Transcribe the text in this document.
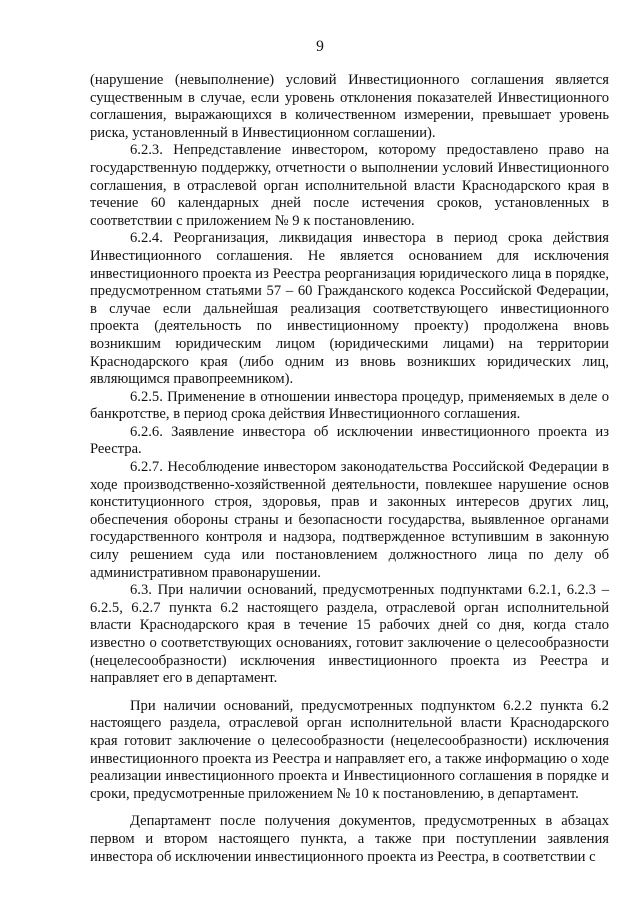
9

(нарушение (невыполнение) условий Инвестиционного соглашения является существенным в случае, если уровень отклонения показателей Инвестиционного соглашения, выражающихся в количественном измерении, превышает уровень риска, установленный в Инвестиционном соглашении).

6.2.3. Непредставление инвестором, которому предоставлено право на государственную поддержку, отчетности о выполнении условий Инвестиционного соглашения, в отраслевой орган исполнительной власти Краснодарского края в течение 60 календарных дней после истечения сроков, установленных в соответствии с приложением № 9 к постановлению.

6.2.4. Реорганизация, ликвидация инвестора в период срока действия Инвестиционного соглашения. Не является основанием для исключения инвестиционного проекта из Реестра реорганизация юридического лица в порядке, предусмотренном статьями 57 – 60 Гражданского кодекса Российской Федерации, в случае если дальнейшая реализация соответствующего инвестиционного проекта (деятельность по инвестиционному проекту) продолжена вновь возникшим юридическим лицом (юридическими лицами) на территории Краснодарского края (либо одним из вновь возникших юридических лиц, являющимся правопреемником).

6.2.5. Применение в отношении инвестора процедур, применяемых в деле о банкротстве, в период срока действия Инвестиционного соглашения.

6.2.6. Заявление инвестора об исключении инвестиционного проекта из Реестра.

6.2.7. Несоблюдение инвестором законодательства Российской Федерации в ходе производственно-хозяйственной деятельности, повлекшее нарушение основ конституционного строя, здоровья, прав и законных интересов других лиц, обеспечения обороны страны и безопасности государства, выявленное органами государственного контроля и надзора, подтвержденное вступившим в законную силу решением суда или постановлением должностного лица по делу об административном правонарушении.

6.3. При наличии оснований, предусмотренных подпунктами 6.2.1, 6.2.3 – 6.2.5, 6.2.7 пункта 6.2 настоящего раздела, отраслевой орган исполнительной власти Краснодарского края в течение 15 рабочих дней со дня, когда стало известно о соответствующих основаниях, готовит заключение о целесообразности (нецелесообразности) исключения инвестиционного проекта из Реестра и направляет его в департамент.

При наличии оснований, предусмотренных подпунктом 6.2.2 пункта 6.2 настоящего раздела, отраслевой орган исполнительной власти Краснодарского края готовит заключение о целесообразности (нецелесообразности) исключения инвестиционного проекта из Реестра и направляет его, а также информацию о ходе реализации инвестиционного проекта и Инвестиционного соглашения в порядке и сроки, предусмотренные приложением № 10 к постановлению, в департамент.

Департамент после получения документов, предусмотренных в абзацах первом и втором настоящего пункта, а также при поступлении заявления инвестора об исключении инвестиционного проекта из Реестра, в соответствии с
